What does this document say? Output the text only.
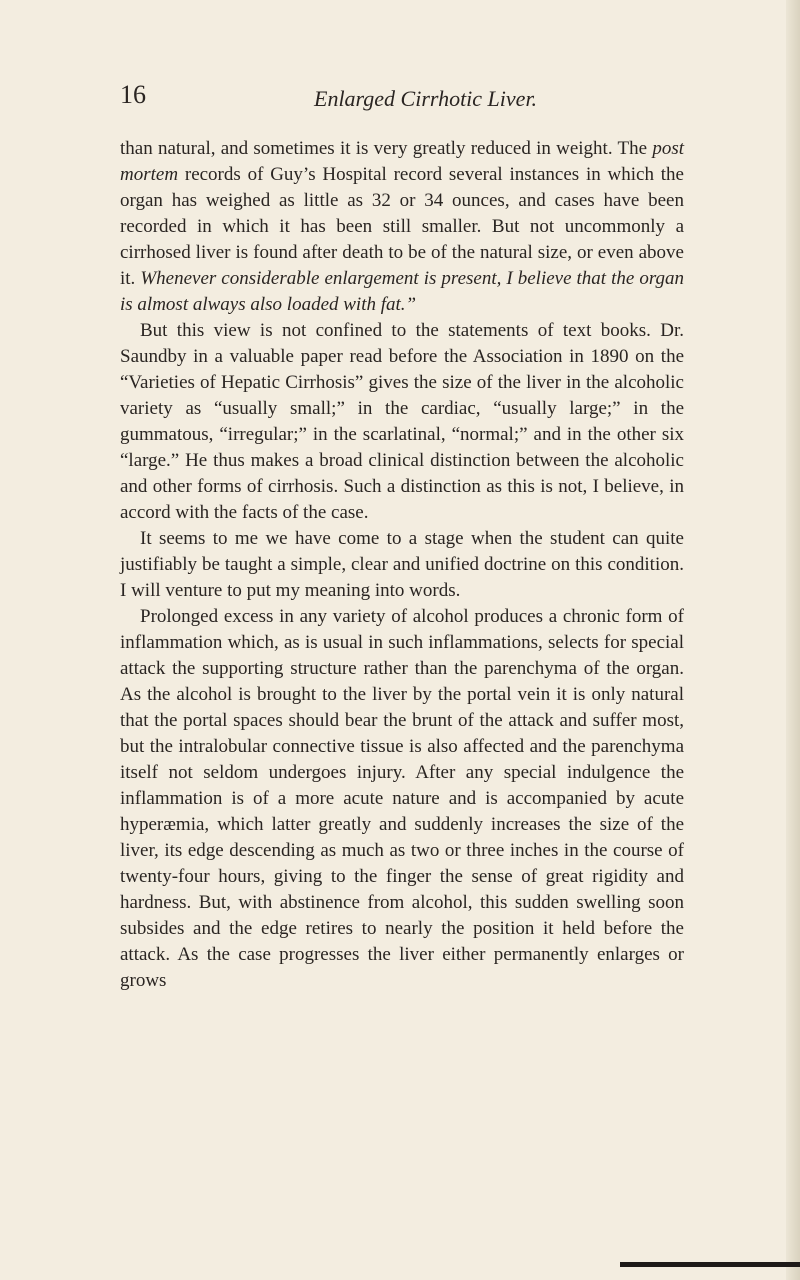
16	Enlarged Cirrhotic Liver.

than natural, and sometimes it is very greatly reduced in weight. The post mortem records of Guy’s Hospital record several instances in which the organ has weighed as little as 32 or 34 ounces, and cases have been recorded in which it has been still smaller. But not uncommonly a cirrhosed liver is found after death to be of the natural size, or even above it. Whenever considerable enlargement is present, I believe that the organ is almost always also loaded with fat.”

But this view is not confined to the statements of text books. Dr. Saundby in a valuable paper read before the Association in 1890 on the “Varieties of Hepatic Cirrhosis” gives the size of the liver in the alcoholic variety as “usually small;” in the cardiac, “usually large;” in the gummatous, “irregular;” in the scarlatinal, “normal;” and in the other six “large.” He thus makes a broad clinical distinction between the alcoholic and other forms of cirrhosis. Such a distinction as this is not, I believe, in accord with the facts of the case.

It seems to me we have come to a stage when the student can quite justifiably be taught a simple, clear and unified doctrine on this condition. I will venture to put my meaning into words.

Prolonged excess in any variety of alcohol produces a chronic form of inflammation which, as is usual in such inflammations, selects for special attack the supporting structure rather than the parenchyma of the organ. As the alcohol is brought to the liver by the portal vein it is only natural that the portal spaces should bear the brunt of the attack and suffer most, but the intralobular connective tissue is also affected and the parenchyma itself not seldom undergoes injury. After any special indulgence the inflammation is of a more acute nature and is accompanied by acute hyperæmia, which latter greatly and suddenly increases the size of the liver, its edge descending as much as two or three inches in the course of twenty-four hours, giving to the finger the sense of great rigidity and hardness. But, with abstinence from alcohol, this sudden swelling soon subsides and the edge retires to nearly the position it held before the attack. As the case progresses the liver either permanently enlarges or grows
